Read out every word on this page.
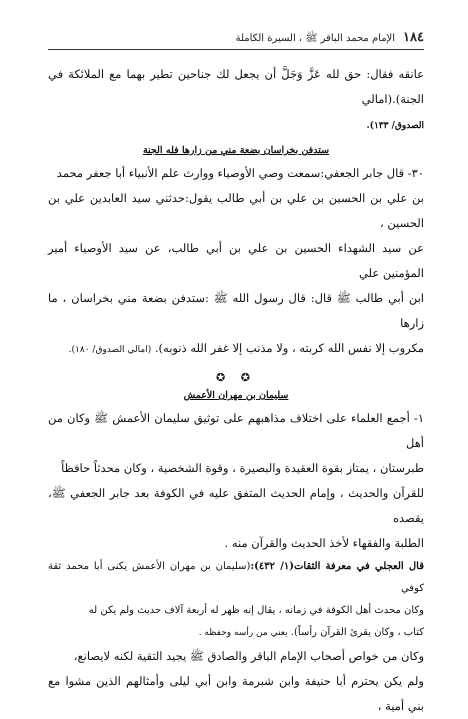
١٨٤
الإمام محمد الباقر ﷺ ، السيرة الكاملة

عانقه فقال: حق لله عَزَّ وَجَلَّ أن يجعل لك جناحين تطير بهما مع الملائكة في الجنة).(امالي
الصدوق/ ١٣٣).

ستدفن بخراسان بضعة مني من زارها فله الجنة

٣٠- قال جابر الجعفي:سمعت وصي الأوصياء ووارث علم الأنبياء أبا جعفر محمد
بن علي بن الحسين بن علي بن أبي طالب يقول:حدثني سيد العابدين علي بن الحسين ،
عن سيد الشهداء الحسين بن علي بن أبي طالب، عن سيد الأوصياء أمير المؤمنين علي
ابن أبي طالب ﷺ قال: قال رسول الله ﷺ :ستدفن بضعة مني بخراسان ، ما زارها
مكروب إلا نفس الله كربته ، ولا مذنب إلا غفر الله ذنوبه). (امالي الصدوق/ ١٨٠).

✪ ✪
سليمان بن مهران الأعمش

١- أجمع العلماء على اختلاف مذاهبهم على توثيق سليمان الأعمش ﷺ وكان من أهل
طبرستان ، يمتاز بقوة العقيدة والبصيرة ، وقوة الشخصية ، وكان محدثاً حافظاً
للقرآن والحديث ، وإمام الحديث المتفق عليه في الكوفة بعد جابر الجعفي ﷺ، يقصده
الطلبة والفقهاء لأخذ الحديث والقرآن منه .

قال العجلي في معرفة الثقات(١/ ٤٣٢):(سليمان بن مهران الأعمش يكنى أبا محمد ثقة كوفي
وكان محدث أهل الكوفة في زمانه ، يقال إنه ظهر له أربعة آلاف حديث ولم يكن له
كتاب ، وكان يقرئ القرآن رأساً). يعني من رأسه وحفظه .

وكان من خواص أصحاب الإمام الباقر والصادق ﷺ يجيد التقية لكنه لايصانع،
ولم يكن يحترم أبا حنيفة وابن شبرمة وابن أبي ليلى وأمثالهم الذين مشوا مع بني أمية ،
